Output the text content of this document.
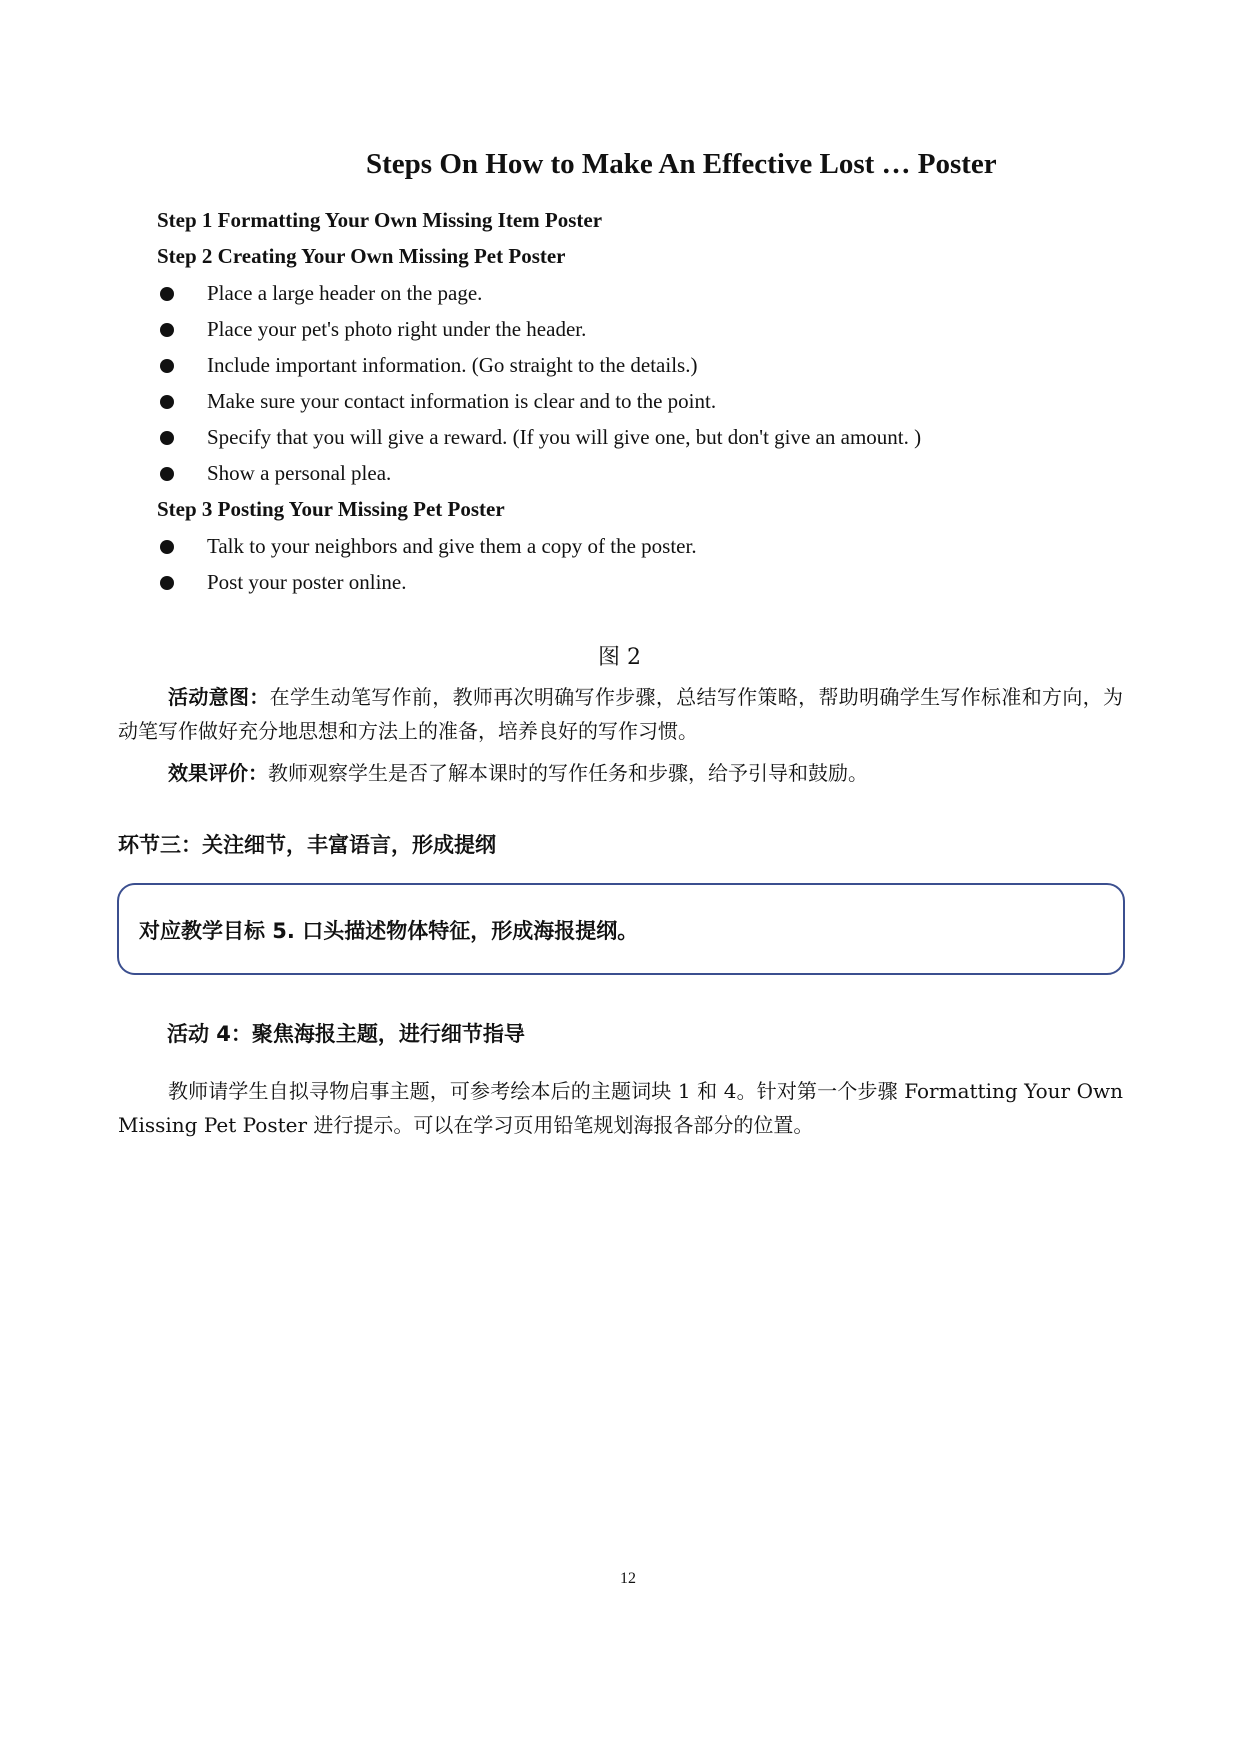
Steps On How to Make An Effective Lost … Poster
Step 1 Formatting Your Own Missing Item Poster
Step 2 Creating Your Own Missing Pet Poster
Place a large header on the page.
Place your pet's photo right under the header.
Include important information. (Go straight to the details.)
Make sure your contact information is clear and to the point.
Specify that you will give a reward. (If you will give one, but don't give an amount. )
Show a personal plea.
Step 3 Posting Your Missing Pet Poster
Talk to your neighbors and give them a copy of the poster.
Post your poster online.
图 2
活动意图：在学生动笔写作前，教师再次明确写作步骤，总结写作策略，帮助明确学生写作标准和方向，为动笔写作做好充分地思想和方法上的准备，培养良好的写作习惯。
效果评价：教师观察学生是否了解本课时的写作任务和步骤，给予引导和鼓励。
环节三：关注细节，丰富语言，形成提纲
对应教学目标 5. 口头描述物体特征，形成海报提纲。
活动 4：聚焦海报主题，进行细节指导
教师请学生自拟寻物启事主题，可参考绘本后的主题词块 1 和 4。针对第一个步骤 Formatting Your Own Missing Pet Poster 进行提示。可以在学习页用铅笔规划海报各部分的位置。
12
